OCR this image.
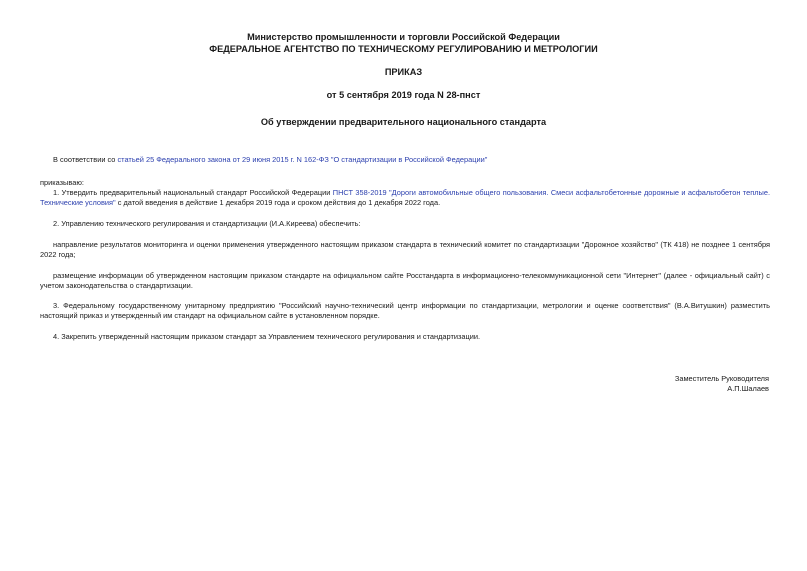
Министерство промышленности и торговли Российской Федерации
ФЕДЕРАЛЬНОЕ АГЕНТСТВО ПО ТЕХНИЧЕСКОМУ РЕГУЛИРОВАНИЮ И МЕТРОЛОГИИ
ПРИКАЗ
от 5 сентября 2019 года N 28-пнст
Об утверждении предварительного национального стандарта
В соответствии со статьей 25 Федерального закона от 29 июня 2015 г. N 162-ФЗ "О стандартизации в Российской Федерации"
приказываю:
1. Утвердить предварительный национальный стандарт Российской Федерации ПНСТ 358-2019 "Дороги автомобильные общего пользования. Смеси асфальтобетонные дорожные и асфальтобетон теплые. Технические условия" с датой введения в действие 1 декабря 2019 года и сроком действия до 1 декабря 2022 года.
2. Управлению технического регулирования и стандартизации (И.А.Киреева) обеспечить:
направление результатов мониторинга и оценки применения утвержденного настоящим приказом стандарта в технический комитет по стандартизации "Дорожное хозяйство" (ТК 418) не позднее 1 сентября 2022 года;
размещение информации об утвержденном настоящим приказом стандарте на официальном сайте Росстандарта в информационно-телекоммуникационной сети "Интернет" (далее - официальный сайт) с учетом законодательства о стандартизации.
3. Федеральному государственному унитарному предприятию "Российский научно-технический центр информации по стандартизации, метрологии и оценке соответствия" (В.А.Витушкин) разместить настоящий приказ и утвержденный им стандарт на официальном сайте в установленном порядке.
4. Закрепить утвержденный настоящим приказом стандарт за Управлением технического регулирования и стандартизации.
Заместитель Руководителя
А.П.Шалаев
